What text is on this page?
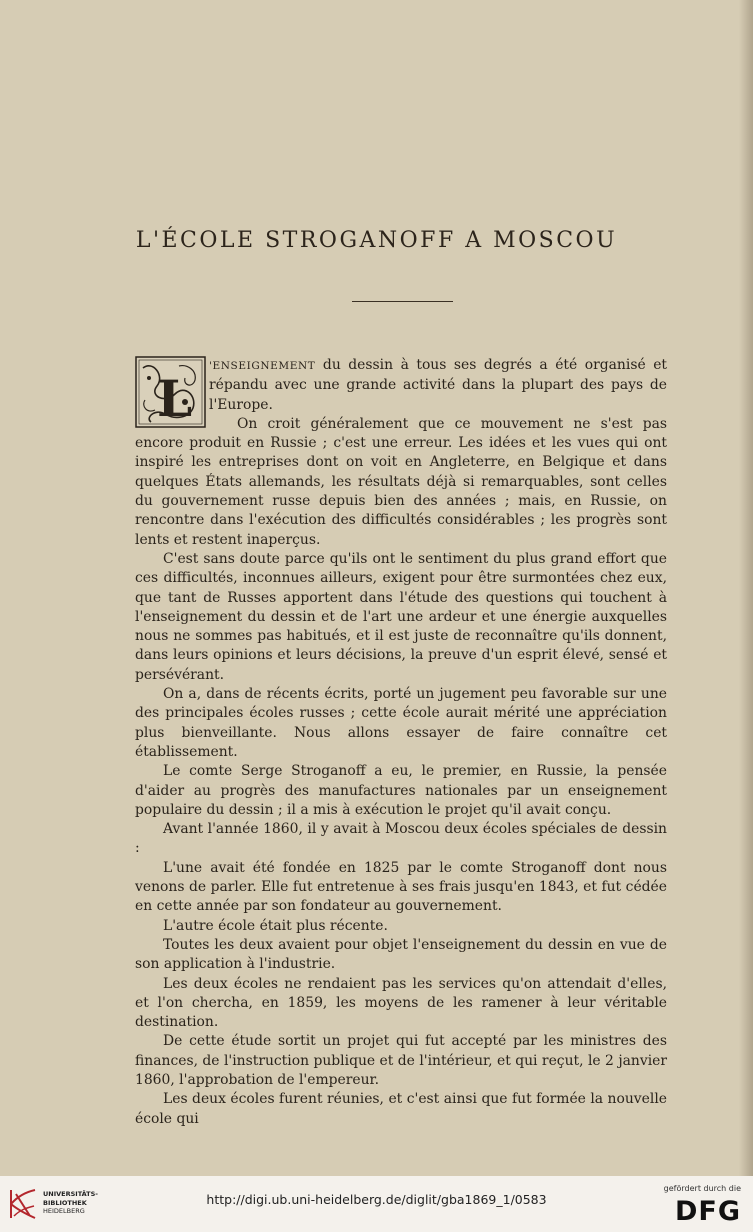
L'ÉCOLE STROGANOFF A MOSCOU

'ENSEIGNEMENT du dessin à tous ses degrés a été organisé et répandu avec une grande activité dans la plupart des pays de l'Europe.

On croit généralement que ce mouvement ne s'est pas encore produit en Russie ; c'est une erreur. Les idées et les vues qui ont inspiré les entreprises dont on voit en Angleterre, en Belgique et dans quelques États allemands, les résultats déjà si remarquables, sont celles du gouvernement russe depuis bien des années ; mais, en Russie, on rencontre dans l'exécution des difficultés considérables ; les progrès sont lents et restent inaperçus.

C'est sans doute parce qu'ils ont le sentiment du plus grand effort que ces difficultés, inconnues ailleurs, exigent pour être surmontées chez eux, que tant de Russes apportent dans l'étude des questions qui touchent à l'enseignement du dessin et de l'art une ardeur et une énergie auxquelles nous ne sommes pas habitués, et il est juste de reconnaître qu'ils donnent, dans leurs opinions et leurs décisions, la preuve d'un esprit élevé, sensé et persévérant.

On a, dans de récents écrits, porté un jugement peu favorable sur une des principales écoles russes ; cette école aurait mérité une appréciation plus bienveillante. Nous allons essayer de faire connaître cet établissement.

Le comte Serge Stroganoff a eu, le premier, en Russie, la pensée d'aider au progrès des manufactures nationales par un enseignement populaire du dessin ; il a mis à exécution le projet qu'il avait conçu.

Avant l'année 1860, il y avait à Moscou deux écoles spéciales de dessin :

L'une avait été fondée en 1825 par le comte Stroganoff dont nous venons de parler. Elle fut entretenue à ses frais jusqu'en 1843, et fut cédée en cette année par son fondateur au gouvernement.

L'autre école était plus récente.

Toutes les deux avaient pour objet l'enseignement du dessin en vue de son application à l'industrie.

Les deux écoles ne rendaient pas les services qu'on attendait d'elles, et l'on chercha, en 1859, les moyens de les ramener à leur véritable destination.

De cette étude sortit un projet qui fut accepté par les ministres des finances, de l'instruction publique et de l'intérieur, et qui reçut, le 2 janvier 1860, l'approbation de l'empereur.

Les deux écoles furent réunies, et c'est ainsi que fut formée la nouvelle école qui

L
UNIVERSITÄTS-
BIBLIOTHEK
HEIDELBERG
http://digi.ub.uni-heidelberg.de/diglit/gba1869_1/0583
gefördert durch die
DFG
